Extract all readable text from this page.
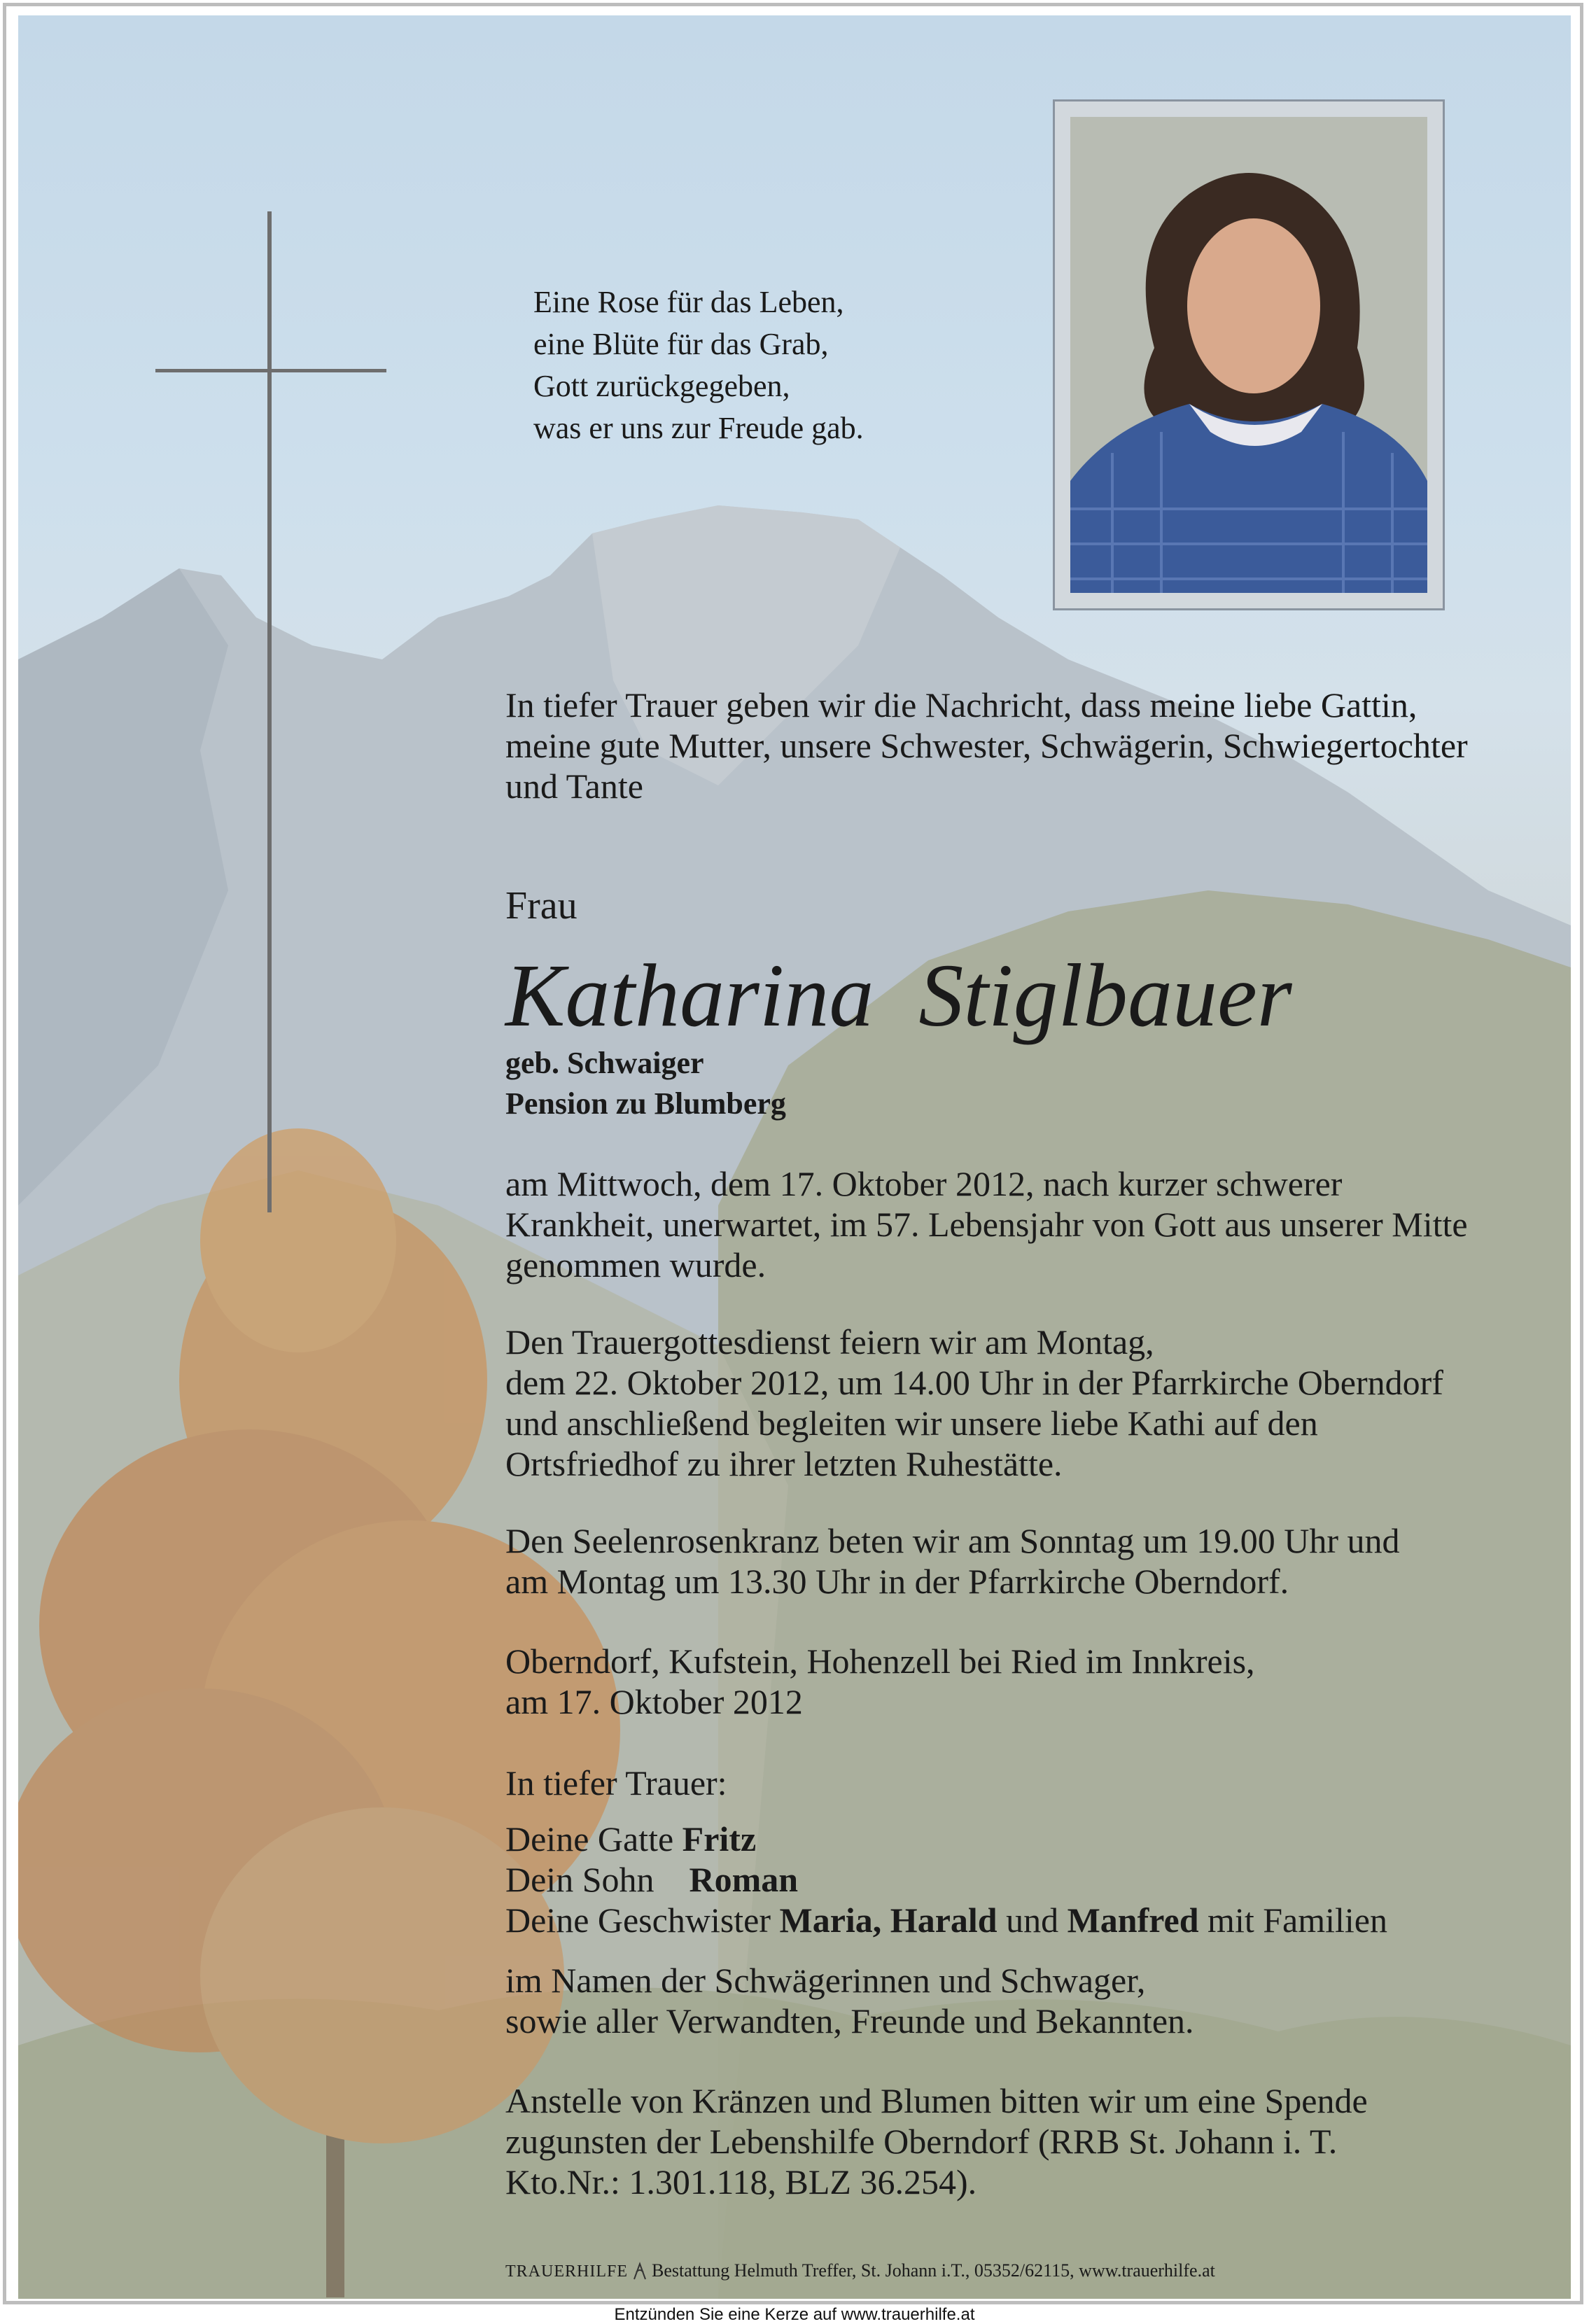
Eine Rose für das Leben,
eine Blüte für das Grab,
Gott zurückgegeben,
was er uns zur Freude gab.
In tiefer Trauer geben wir die Nachricht, dass meine liebe Gattin,
meine gute Mutter, unsere Schwester, Schwägerin, Schwiegertochter
und Tante
Frau
Katharina Stiglbauer
geb. Schwaiger
Pension zu Blumberg
am Mittwoch, dem 17. Oktober 2012, nach kurzer schwerer
Krankheit, unerwartet, im 57. Lebensjahr von Gott aus unserer Mitte
genommen wurde.
Den Trauergottesdienst feiern wir am Montag,
dem 22. Oktober 2012, um 14.00 Uhr in der Pfarrkirche Oberndorf
und anschließend begleiten wir unsere liebe Kathi auf den
Ortsfriedhof zu ihrer letzten Ruhestätte.
Den Seelenrosenkranz beten wir am Sonntag um 19.00 Uhr und
am Montag um 13.30 Uhr in der Pfarrkirche Oberndorf.
Oberndorf, Kufstein, Hohenzell bei Ried im Innkreis,
am 17. Oktober 2012
In tiefer Trauer:
Deine Gatte Fritz
Dein Sohn Roman
Deine Geschwister Maria, Harald und Manfred mit Familien
im Namen der Schwägerinnen und Schwager,
sowie aller Verwandten, Freunde und Bekannten.
Anstelle von Kränzen und Blumen bitten wir um eine Spende
zugunsten der Lebenshilfe Oberndorf (RRB St. Johann i. T.
Kto.Nr.: 1.301.118, BLZ 36.254).
TRAUERHILFE Bestattung Helmuth Treffer, St. Johann i.T., 05352/62115, www.trauerhilfe.at
Entzünden Sie eine Kerze auf www.trauerhilfe.at
